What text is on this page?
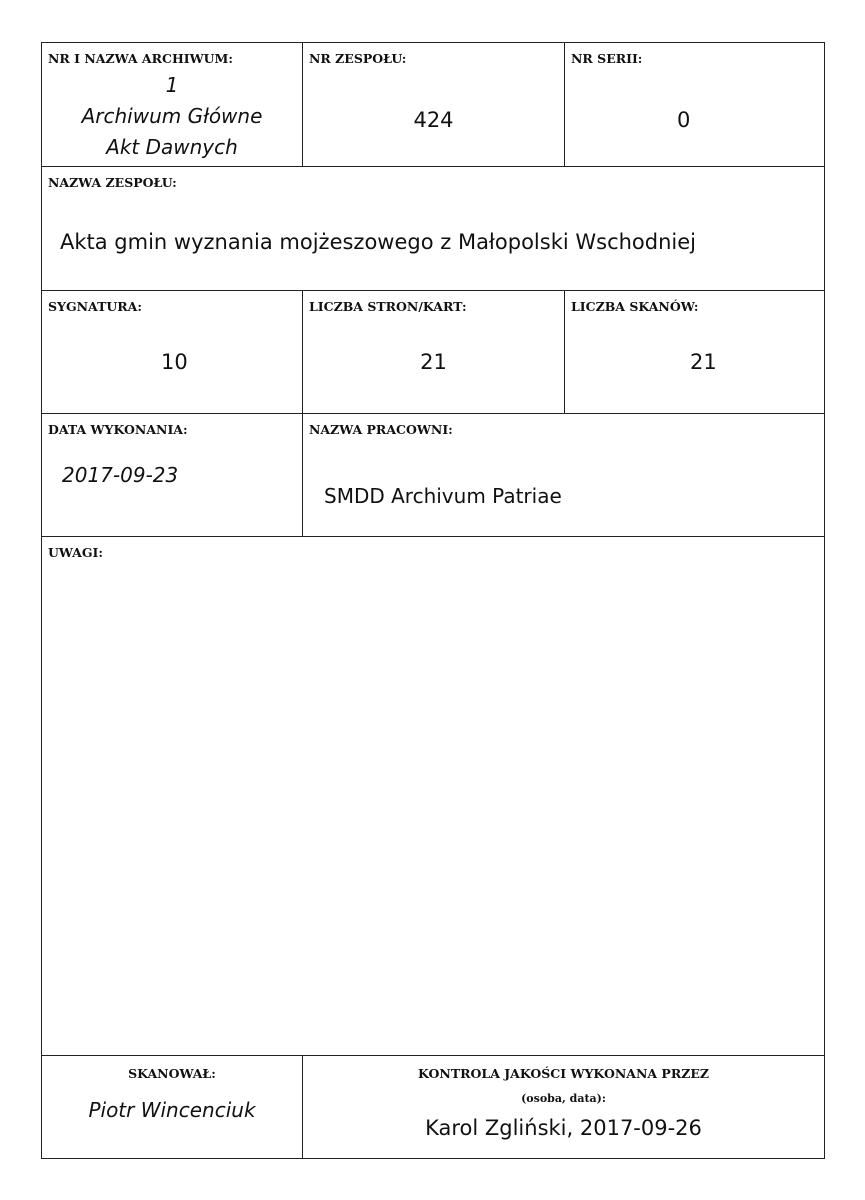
NR I NAZWA ARCHIWUM:
1
Archiwum Główne
Akt Dawnych
NR ZESPOŁU:
424
NR SERII:
0
NAZWA ZESPOŁU:
Akta gmin wyznania mojżeszowego z Małopolski Wschodniej
SYGNATURA:
10
LICZBA STRON/KART:
21
LICZBA SKANÓW:
21
DATA WYKONANIA:
2017-09-23
NAZWA PRACOWNI:
SMDD Archivum Patriae
UWAGI:
SKANOWAŁ:
Piotr Wincenciuk
KONTROLA JAKOŚCI WYKONANA PRZEZ
(osoba, data):
Karol Zgliński, 2017-09-26
